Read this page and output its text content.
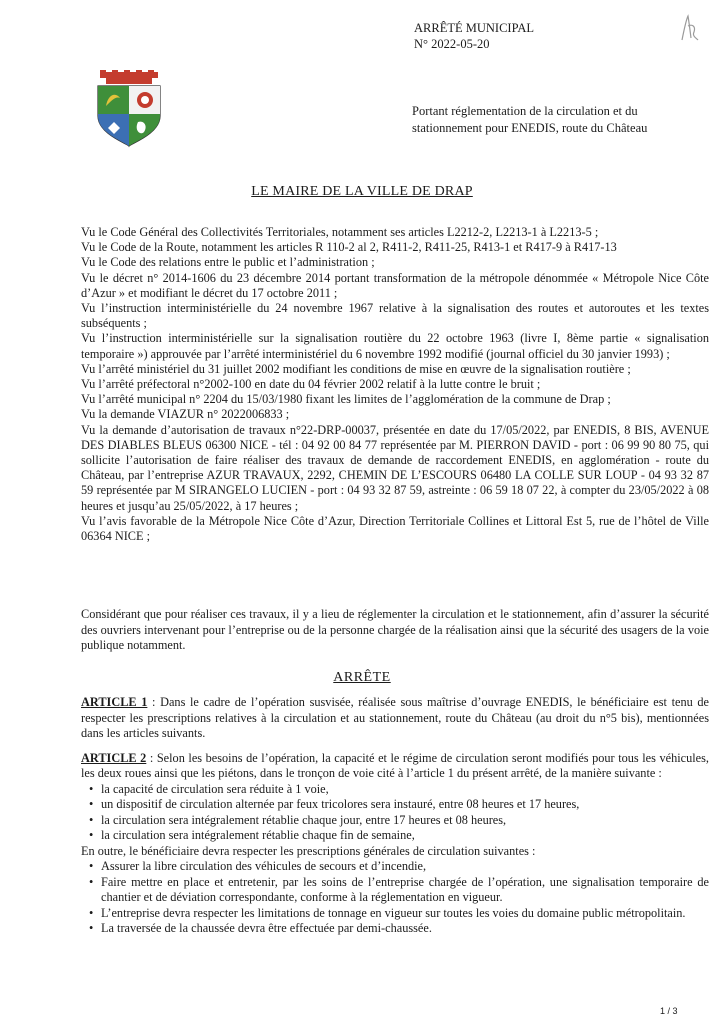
ARRÊTÉ MUNICIPAL
N° 2022-05-20
Portant réglementation de la circulation et du stationnement pour ENEDIS, route du Château
LE MAIRE DE LA VILLE DE DRAP

Vu le Code Général des Collectivités Territoriales, notamment ses articles L2212-2, L2213-1 à L2213-5 ;

Vu le Code de la Route, notamment les articles R 110-2 al 2, R411-2, R411-25, R413-1 et R417-9 à R417-13

Vu le Code des relations entre le public et l’administration ;

Vu le décret n° 2014-1606 du 23 décembre 2014 portant transformation de la métropole dénommée « Métropole Nice Côte d’Azur » et modifiant le décret du 17 octobre 2011 ;

Vu l’instruction interministérielle du 24 novembre 1967 relative à la signalisation des routes et autoroutes et les textes subséquents ;

Vu l’instruction interministérielle sur la signalisation routière du 22 octobre 1963 (livre I, 8ème partie « signalisation temporaire ») approuvée par l’arrêté interministériel du 6 novembre 1992 modifié (journal officiel du 30 janvier 1993) ;

Vu l’arrêté ministériel du 31 juillet 2002 modifiant les conditions de mise en œuvre de la signalisation routière ;

Vu l’arrêté préfectoral n°2002-100 en date du 04 février 2002 relatif à la lutte contre le bruit ;

Vu l’arrêté municipal n° 2204 du 15/03/1980 fixant les limites de l’agglomération de la commune de Drap ;

Vu la demande VIAZUR n° 2022006833 ;

Vu la demande d’autorisation de travaux n°22-DRP-00037, présentée en date du 17/05/2022, par ENEDIS, 8 BIS, AVENUE DES DIABLES BLEUS 06300 NICE - tél : 04 92 00 84 77 représentée par M. PIERRON DAVID - port : 06 99 90 80 75, qui sollicite l’autorisation de faire réaliser des travaux de demande de raccordement ENEDIS, en agglomération - route du Château, par l’entreprise AZUR TRAVAUX, 2292, CHEMIN DE L’ESCOURS 06480 LA COLLE SUR LOUP - 04 93 32 87 59 représentée par M SIRANGELO LUCIEN - port : 04 93 32 87 59, astreinte : 06 59 18 07 22, à compter du 23/05/2022 à 08 heures et jusqu’au 25/05/2022, à 17 heures ;

Vu l’avis favorable de la Métropole Nice Côte d’Azur, Direction Territoriale Collines et Littoral Est 5, rue de l’hôtel de Ville 06364 NICE ;

Considérant que pour réaliser ces travaux, il y a lieu de réglementer la circulation et le stationnement, afin d’assurer la sécurité des ouvriers intervenant pour l’entreprise ou de la personne chargée de la réalisation ainsi que la sécurité des usagers de la voie publique notamment.
ARRÊTE

ARTICLE 1 : Dans le cadre de l’opération susvisée, réalisée sous maîtrise d’ouvrage ENEDIS, le bénéficiaire est tenu de respecter les prescriptions relatives à la circulation et au stationnement, route du Château (au droit du n°5 bis), mentionnées dans les articles suivants.

ARTICLE 2 : Selon les besoins de l’opération, la capacité et le régime de circulation seront modifiés pour tous les véhicules, les deux roues ainsi que les piétons, dans le tronçon de voie cité à l’article 1 du présent arrêté, de la manière suivante :

• la capacité de circulation sera réduite à 1 voie,
• un dispositif de circulation alternée par feux tricolores sera instauré, entre 08 heures et 17 heures,
• la circulation sera intégralement rétablie chaque jour, entre 17 heures et 08 heures,
• la circulation sera intégralement rétablie chaque fin de semaine,

En outre, le bénéficiaire devra respecter les prescriptions générales de circulation suivantes :

• Assurer la libre circulation des véhicules de secours et d’incendie,
• Faire mettre en place et entretenir, par les soins de l’entreprise chargée de l’opération, une signalisation temporaire de chantier et de déviation correspondante, conforme à la réglementation en vigueur.
• L’entreprise devra respecter les limitations de tonnage en vigueur sur toutes les voies du domaine public métropolitain.
• La traversée de la chaussée devra être effectuée par demi-chaussée.
1 / 3
